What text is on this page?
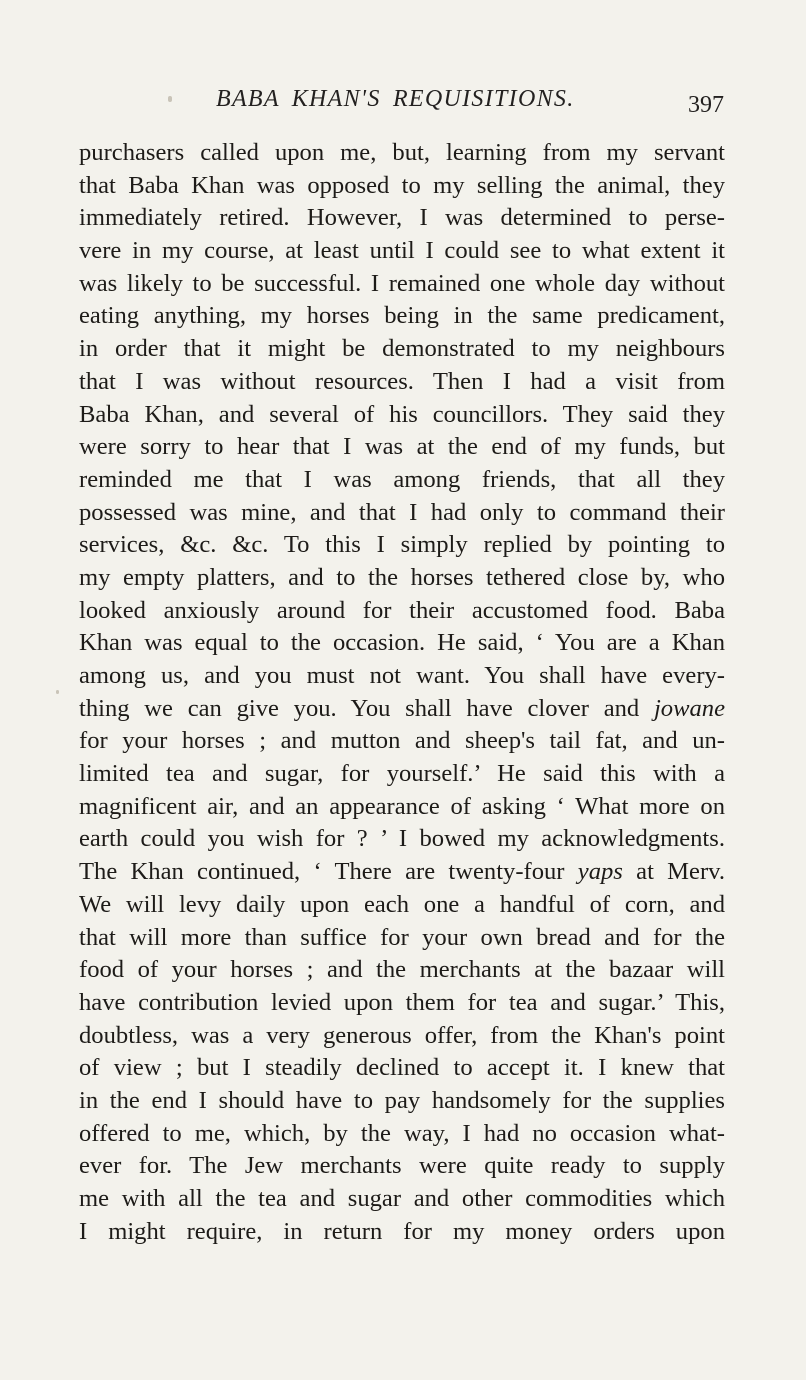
BABA KHAN'S REQUISITIONS.	397
purchasers called upon me, but, learning from my servant
that Baba Khan was opposed to my selling the animal, they
immediately retired. However, I was determined to perse-
vere in my course, at least until I could see to what extent it
was likely to be successful. I remained one whole day without
eating anything, my horses being in the same predicament,
in order that it might be demonstrated to my neighbours
that I was without resources. Then I had a visit from
Baba Khan, and several of his councillors. They said they
were sorry to hear that I was at the end of my funds, but
reminded me that I was among friends, that all they
possessed was mine, and that I had only to command their
services, &c. &c. To this I simply replied by pointing to
my empty platters, and to the horses tethered close by, who
looked anxiously around for their accustomed food. Baba
Khan was equal to the occasion. He said, ‘ You are a Khan
among us, and you must not want. You shall have every-
thing we can give you. You shall have clover and jowane
for your horses ; and mutton and sheep's tail fat, and un-
limited tea and sugar, for yourself.’ He said this with a
magnificent air, and an appearance of asking ‘ What more on
earth could you wish for ? ’ I bowed my acknowledgments.
The Khan continued, ‘ There are twenty-four yaps at Merv.
We will levy daily upon each one a handful of corn, and
that will more than suffice for your own bread and for the
food of your horses ; and the merchants at the bazaar will
have contribution levied upon them for tea and sugar.’ This,
doubtless, was a very generous offer, from the Khan's point
of view ; but I steadily declined to accept it. I knew that
in the end I should have to pay handsomely for the supplies
offered to me, which, by the way, I had no occasion what-
ever for. The Jew merchants were quite ready to supply
me with all the tea and sugar and other commodities which
I might require, in return for my money orders upon
